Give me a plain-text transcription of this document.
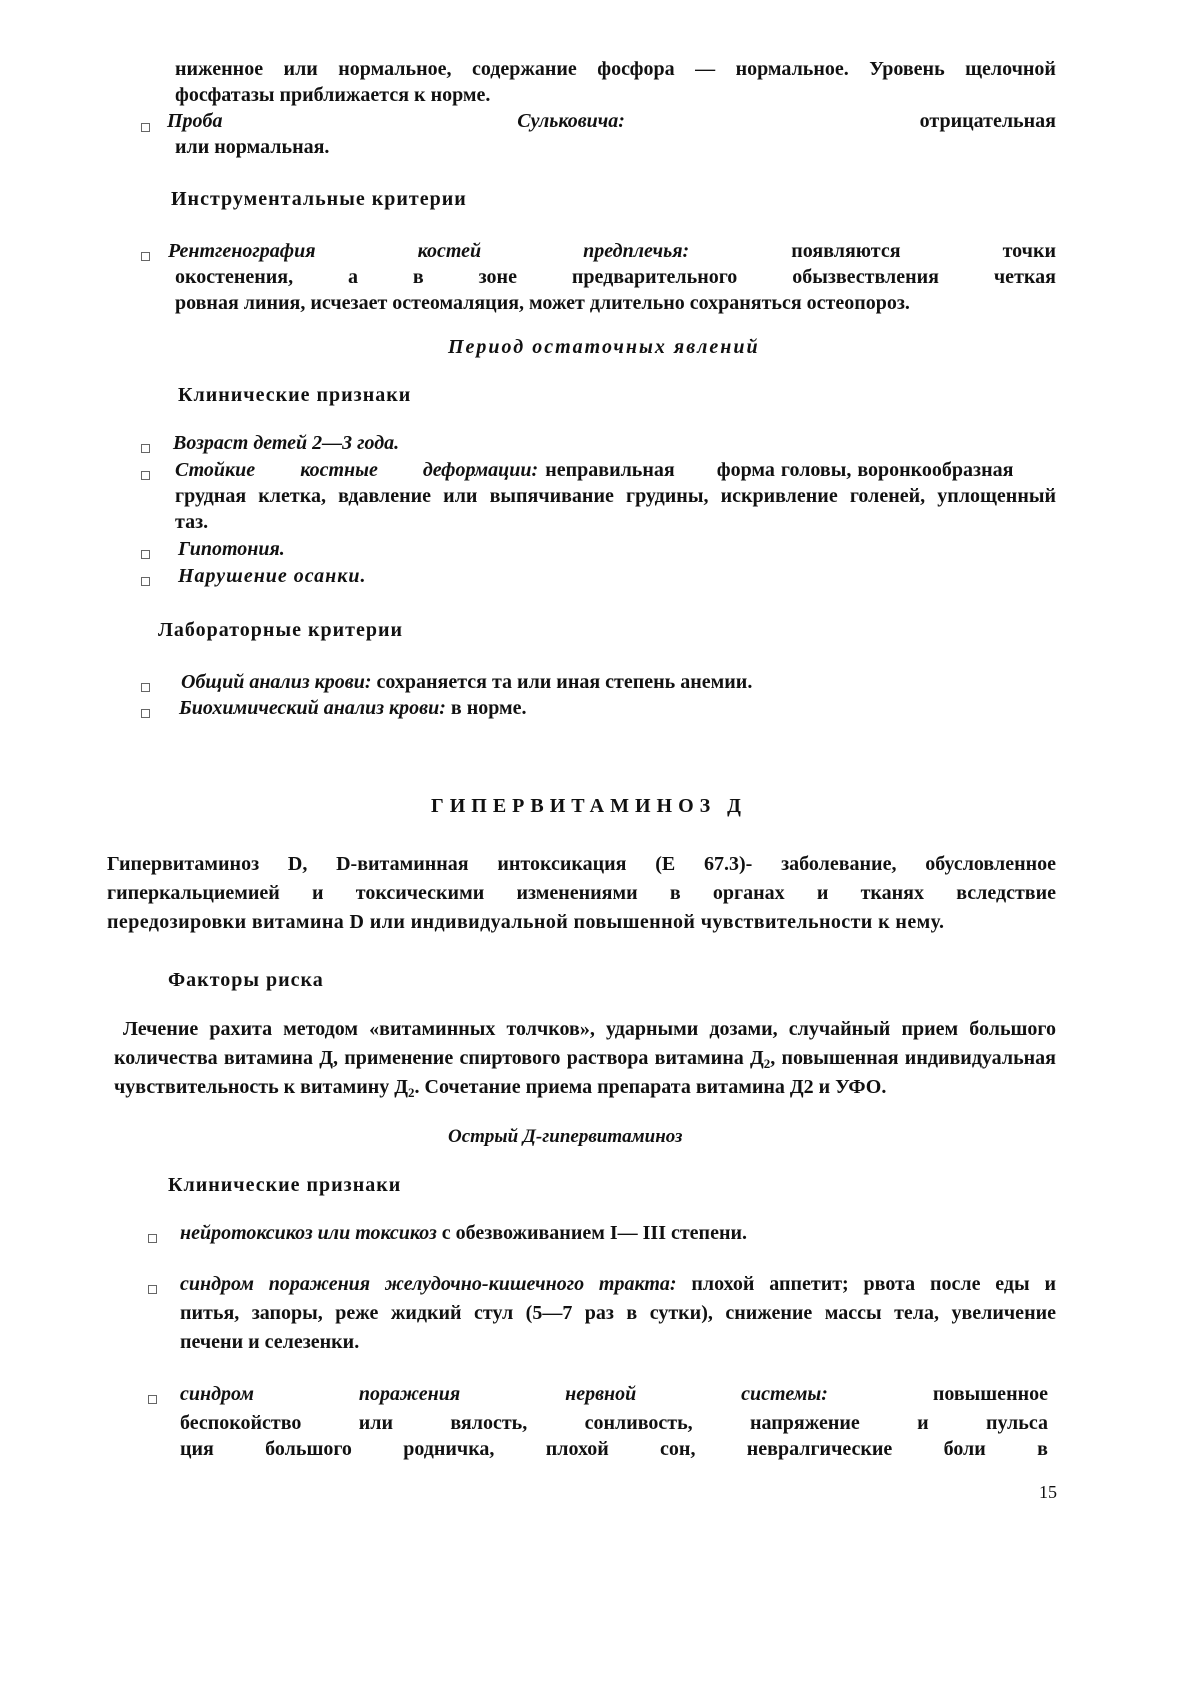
ниженное или нормальное, содержание фосфора — нормальное. Уровень щелочной
фосфатазы приближается к норме.
Проба	Сульковича:	отрицательная
или нормальная.
Инструментальные критерии
Рентгенография	костей	предплечья:	появляются	точки
окостенения,	а	в	зоне	предварительного	обызвествления	четкая
ровная линия, исчезает остеомаляция, может длительно сохраняться остеопороз.
Период остаточных явлений
Клинические признаки
Возраст детей 2—3 года.
Стойкие костные деформации: неправильная форма головы, воронкообразная
грудная клетка, вдавление или выпячивание грудины, искривление голеней, уплощенный
таз.
Гипотония.
Нарушение осанки.
Лабораторные критерии
Общий анализ крови: сохраняется та или иная степень анемии.
Биохимический анализ крови: в норме.
ГИПЕРВИТАМИНОЗ Д
Гипервитаминоз D, D-витаминная интоксикация (Е 67.3)- заболевание, обусловленное
гиперкальциемией и токсическими изменениями в органах и тканях вследствие
передозировки витамина D или индивидуальной повышенной чувствительности к нему.
Факторы риска
Лечение рахита методом «витаминных толчков», ударными дозами, случайный прием большого
количества витамина Д, применение спиртового раствора витамина $Д_2$, повышенная индивидуальная
чувствительность к витамину $Д_2$. Сочетание приема препарата витамина Д2 и УФО.
Острый Д-гипервитаминоз
Клинические признаки
нейротоксикоз или токсикоз с обезвоживанием I— III степени.
синдром поражения желудочно-кишечного тракта: плохой аппетит; рвота после еды и
питья, запоры, реже жидкий стул (5—7 раз в сутки), снижение массы тела, увеличение
печени и селезенки.
синдром	поражения	нервной	системы:	повышенное
беспокойство	или	вялость,	сонливость,	напряжение	и	пульса
ция	большого	родничка,	плохой	сон,	невралгические	боли	в
15
